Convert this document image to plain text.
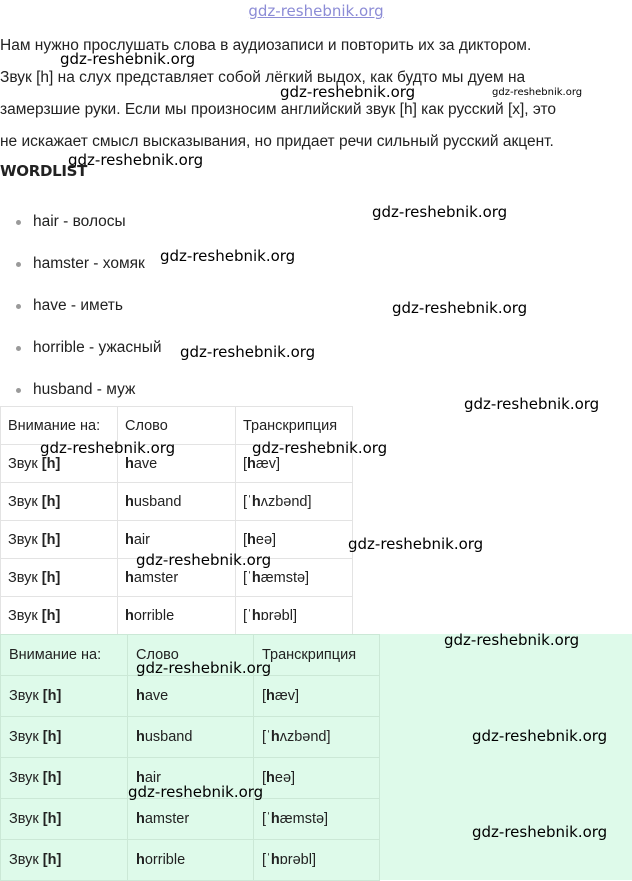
gdz-reshebnik.org

Нам нужно прослушать слова в аудиозаписи и повторить их за диктором.

Звук [h] на слух представляет собой лёгкий выдох, как будто мы дуем на

замерзшие руки. Если мы произносим английский звук [h] как русский [x], это

не искажает смысл высказывания, но придает речи сильный русский акцент.

WORDLIST
hair - волосы
hamster - хомяк
have - иметь
horrible - ужасный
husband - муж
Внимание на:	Слово	Транскрипция
Звук [h]	have	[hæv]
Звук [h]	husband	[ˈhʌzbənd]
Звук [h]	hair	[heə]
Звук [h]	hamster	[ˈhæmstə]
Звук [h]	horrible	[ˈhɒrəbl]
Внимание на:	Слово	Транскрипция
Звук [h]	have	[hæv]
Звук [h]	husband	[ˈhʌzbənd]
Звук [h]	hair	[heə]
Звук [h]	hamster	[ˈhæmstə]
Звук [h]	horrible	[ˈhɒrəbl]
gdz-reshebnik.org
gdz-reshebnik.org	gdz-reshebnik.org
gdz-reshebnik.org
gdz-reshebnik.org
gdz-reshebnik.org
gdz-reshebnik.org
gdz-reshebnik.org
gdz-reshebnik.org
gdz-reshebnik.org	gdz-reshebnik.org
gdz-reshebnik.org
gdz-reshebnik.org
gdz-reshebnik.org
gdz-reshebnik.org
gdz-reshebnik.org
gdz-reshebnik.org
gdz-reshebnik.org
